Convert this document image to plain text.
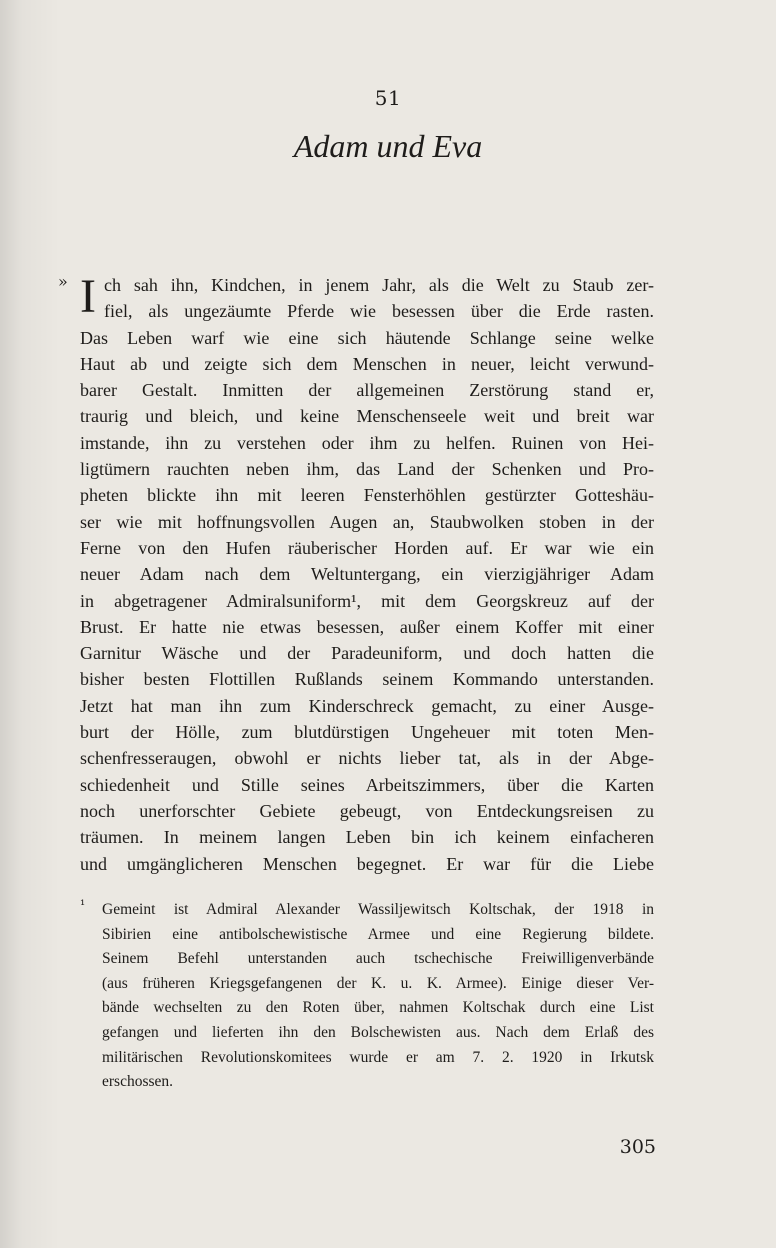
51
Adam und Eva
» I ch sah ihn, Kindchen, in jenem Jahr, als die Welt zu Staub zer-
fiel, als ungezäumte Pferde wie besessen über die Erde rasten.
Das Leben warf wie eine sich häutende Schlange seine welke
Haut ab und zeigte sich dem Menschen in neuer, leicht verwund-
barer Gestalt. Inmitten der allgemeinen Zerstörung stand er,
traurig und bleich, und keine Menschenseele weit und breit war
imstande, ihn zu verstehen oder ihm zu helfen. Ruinen von Hei-
ligtümern rauchten neben ihm, das Land der Schenken und Pro-
pheten blickte ihn mit leeren Fensterhöhlen gestürzter Gotteshäu-
ser wie mit hoffnungsvollen Augen an, Staubwolken stoben in der
Ferne von den Hufen räuberischer Horden auf. Er war wie ein
neuer Adam nach dem Weltuntergang, ein vierzigjähriger Adam
in abgetragener Admiralsuniform¹, mit dem Georgskreuz auf der
Brust. Er hatte nie etwas besessen, außer einem Koffer mit einer
Garnitur Wäsche und der Paradeuniform, und doch hatten die
bisher besten Flottillen Rußlands seinem Kommando unterstanden.
Jetzt hat man ihn zum Kinderschreck gemacht, zu einer Ausge-
burt der Hölle, zum blutdürstigen Ungeheuer mit toten Men-
schenfresseraugen, obwohl er nichts lieber tat, als in der Abge-
schiedenheit und Stille seines Arbeitszimmers, über die Karten
noch unerforschter Gebiete gebeugt, von Entdeckungsreisen zu
träumen. In meinem langen Leben bin ich keinem einfacheren
und umgänglicheren Menschen begegnet. Er war für die Liebe
¹ Gemeint ist Admiral Alexander Wassiljewitsch Koltschak, der 1918 in
Sibirien eine antibolschewistische Armee und eine Regierung bildete.
Seinem Befehl unterstanden auch tschechische Freiwilligenverbände
(aus früheren Kriegsgefangenen der K. u. K. Armee). Einige dieser Ver-
bände wechselten zu den Roten über, nahmen Koltschak durch eine List
gefangen und lieferten ihn den Bolschewisten aus. Nach dem Erlaß des
militärischen Revolutionskomitees wurde er am 7. 2. 1920 in Irkutsk
erschossen.
305
